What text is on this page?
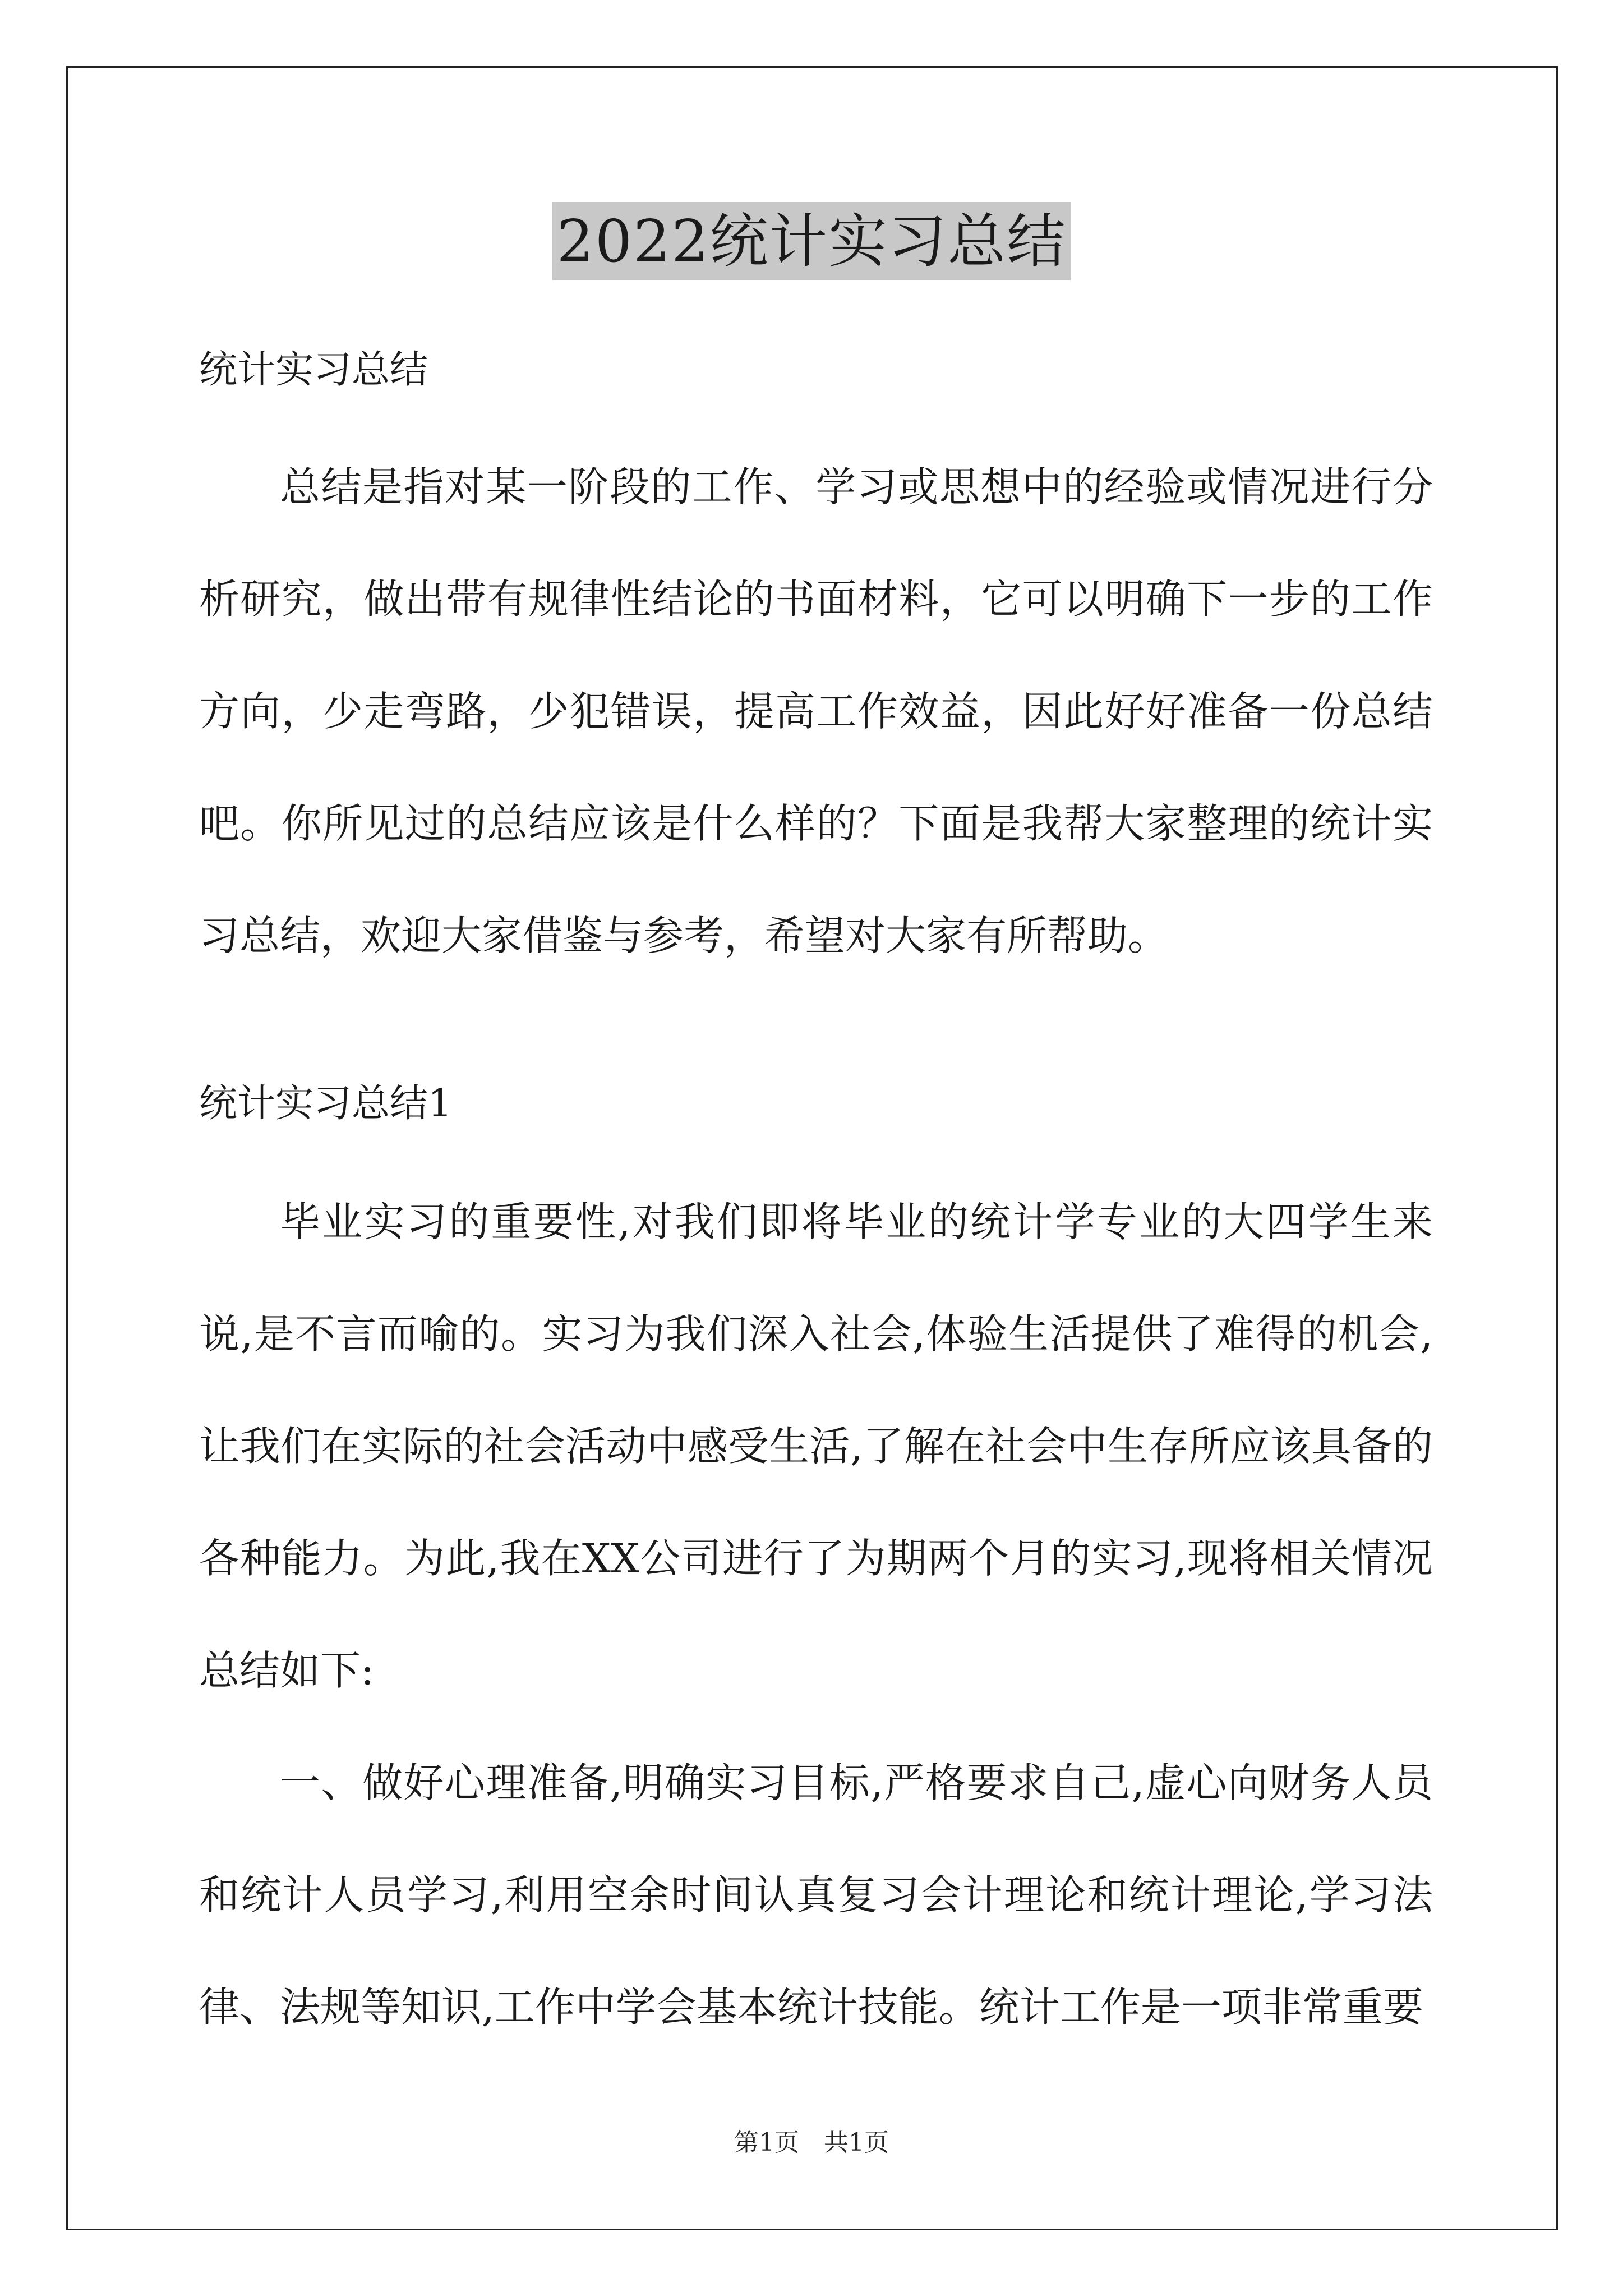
2022统计实习总结

统计实习总结

总结是指对某一阶段的工作、学习或思想中的经验或情况进行分析研究，做出带有规律性结论的书面材料，它可以明确下一步的工作方向，少走弯路，少犯错误，提高工作效益，因此好好准备一份总结吧。你所见过的总结应该是什么样的？下面是我帮大家整理的统计实习总结，欢迎大家借鉴与参考，希望对大家有所帮助。

统计实习总结1

毕业实习的重要性,对我们即将毕业的统计学专业的大四学生来说,是不言而喻的。实习为我们深入社会,体验生活提供了难得的机会,让我们在实际的社会活动中感受生活,了解在社会中生存所应该具备的各种能力。为此,我在XX公司进行了为期两个月的实习,现将相关情况总结如下:

一、做好心理准备,明确实习目标,严格要求自己,虚心向财务人员和统计人员学习,利用空余时间认真复习会计理论和统计理论,学习法律、法规等知识,工作中学会基本统计技能。统计工作是一项非常重要

第1页　共1页
